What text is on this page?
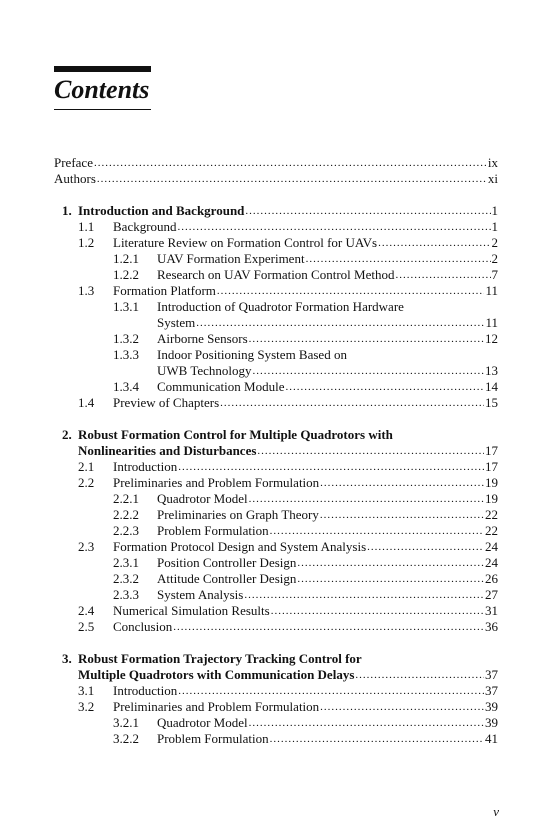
Contents
Preface .....	ix
Authors .....	xi
1. Introduction and Background .....	1
1.1 Background .....	1
1.2 Literature Review on Formation Control for UAVs .....	2
1.2.1 UAV Formation Experiment .....	2
1.2.2 Research on UAV Formation Control Method .....	7
1.3 Formation Platform .....	11
1.3.1 Introduction of Quadrotor Formation Hardware
System .....	11
1.3.2 Airborne Sensors .....	12
1.3.3 Indoor Positioning System Based on
UWB Technology .....	13
1.3.4 Communication Module .....	14
1.4 Preview of Chapters .....	15
2. Robust Formation Control for Multiple Quadrotors with
Nonlinearities and Disturbances .....	17
2.1 Introduction .....	17
2.2 Preliminaries and Problem Formulation .....	19
2.2.1 Quadrotor Model .....	19
2.2.2 Preliminaries on Graph Theory .....	22
2.2.3 Problem Formulation .....	22
2.3 Formation Protocol Design and System Analysis .....	24
2.3.1 Position Controller Design .....	24
2.3.2 Attitude Controller Design .....	26
2.3.3 System Analysis .....	27
2.4 Numerical Simulation Results .....	31
2.5 Conclusion .....	36
3. Robust Formation Trajectory Tracking Control for
Multiple Quadrotors with Communication Delays .....	37
3.1 Introduction .....	37
3.2 Preliminaries and Problem Formulation .....	39
3.2.1 Quadrotor Model .....	39
3.2.2 Problem Formulation .....	41
v
